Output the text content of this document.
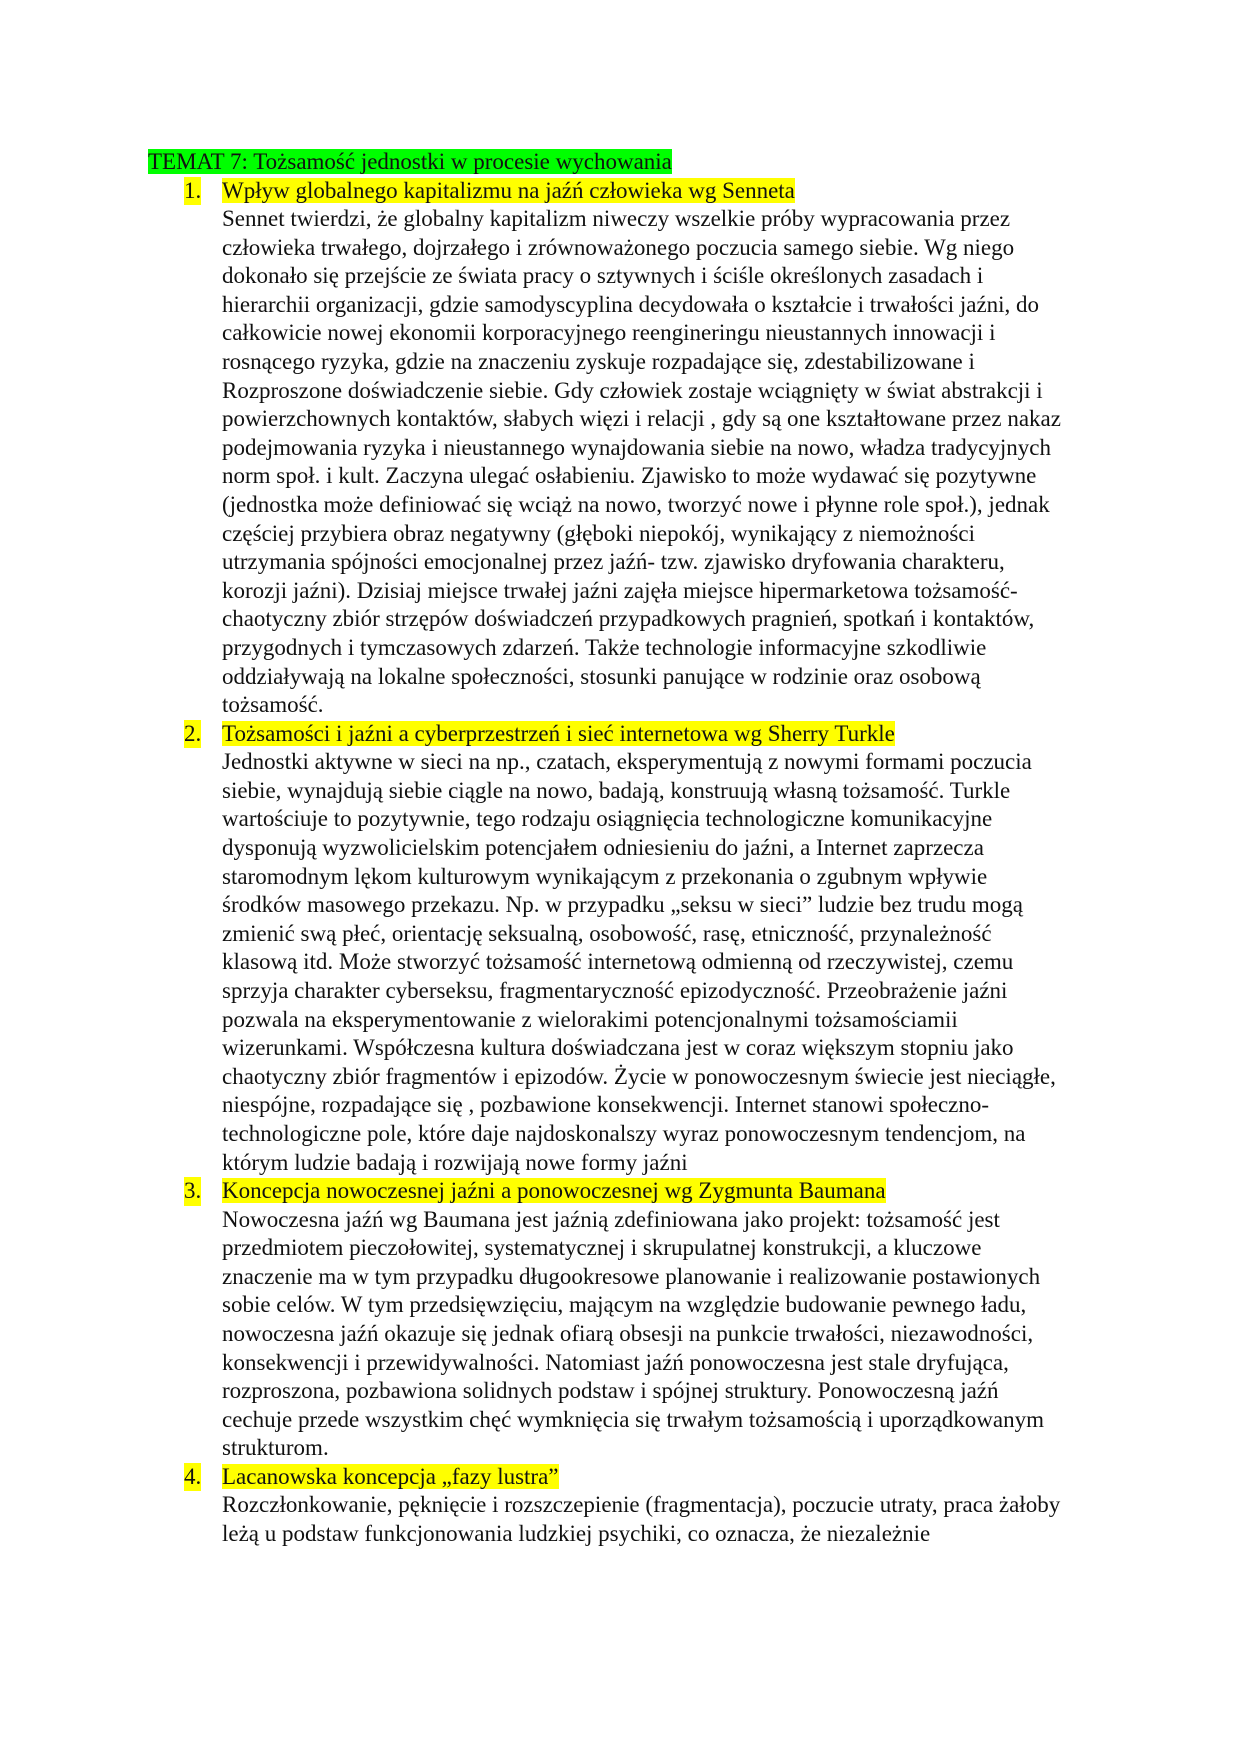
TEMAT 7: Tożsamość jednostki w procesie wychowania

1. Wpływ globalnego kapitalizmu na jaźń człowieka wg Senneta

Sennet twierdzi, że globalny kapitalizm niweczy wszelkie próby wypracowania przez człowieka trwałego, dojrzałego i zrównoważonego poczucia samego siebie. Wg niego dokonało się przejście ze świata pracy o sztywnych i ściśle określonych zasadach i hierarchii organizacji, gdzie samodyscyplina decydowała o kształcie i trwałości jaźni, do całkowicie nowej ekonomii korporacyjnego reengineringu nieustannych innowacji i rosnącego ryzyka, gdzie na znaczeniu zyskuje rozpadające się, zdestabilizowane i Rozproszone doświadczenie siebie. Gdy człowiek zostaje wciągnięty w świat abstrakcji i powierzchownych kontaktów, słabych więzi i relacji , gdy są one kształtowane przez nakaz podejmowania ryzyka i nieustannego wynajdowania siebie na nowo, władza tradycyjnych norm społ. i kult. Zaczyna ulegać osłabieniu. Zjawisko to może wydawać się pozytywne (jednostka może definiować się wciąż na nowo, tworzyć nowe i płynne role społ.), jednak częściej przybiera obraz negatywny (głęboki niepokój, wynikający z niemożności utrzymania spójności emocjonalnej przez jaźń- tzw. zjawisko dryfowania charakteru, korozji jaźni). Dzisiaj miejsce trwałej jaźni zajęła miejsce hipermarketowa tożsamość- chaotyczny zbiór strzępów doświadczeń przypadkowych pragnień, spotkań i kontaktów, przygodnych i tymczasowych zdarzeń. Także technologie informacyjne szkodliwie oddziaływają na lokalne społeczności, stosunki panujące w rodzinie oraz osobową tożsamość.

2. Tożsamości i jaźni a cyberprzestrzeń i sieć internetowa wg Sherry Turkle

Jednostki aktywne w sieci na np., czatach, eksperymentują z nowymi formami poczucia siebie, wynajdują siebie ciągle na nowo, badają, konstruują własną tożsamość. Turkle wartościuje to pozytywnie, tego rodzaju osiągnięcia technologiczne komunikacyjne dysponują wyzwolicielskim potencjałem odniesieniu do jaźni, a Internet zaprzecza staromodnym lękom kulturowym wynikającym z przekonania o zgubnym wpływie środków masowego przekazu. Np. w przypadku „seksu w sieci” ludzie bez trudu mogą zmienić swą płeć, orientację seksualną, osobowość, rasę, etniczność, przynależność klasową itd. Może stworzyć tożsamość internetową odmienną od rzeczywistej, czemu sprzyja charakter cyberseksu, fragmentaryczność epizodyczność. Przeobrażenie jaźni pozwala na eksperymentowanie z wielorakimi potencjonalnymi tożsamościamii wizerunkami. Współczesna kultura doświadczana jest w coraz większym stopniu jako chaotyczny zbiór fragmentów i epizodów. Życie w ponowoczesnym świecie jest nieciągłe, niespójne, rozpadające się , pozbawione konsekwencji. Internet stanowi społeczno-technologiczne pole, które daje najdoskonalszy wyraz ponowoczesnym tendencjom, na którym ludzie badają i rozwijają nowe formy jaźni

3. Koncepcja nowoczesnej jaźni a ponowoczesnej wg Zygmunta Baumana

Nowoczesna jaźń wg Baumana jest jaźnią zdefiniowana jako projekt: tożsamość jest przedmiotem pieczołowitej, systematycznej i skrupulatnej konstrukcji, a kluczowe znaczenie ma w tym przypadku długookresowe planowanie i realizowanie postawionych sobie celów. W tym przedsięwzięciu, mającym na względzie budowanie pewnego ładu, nowoczesna jaźń okazuje się jednak ofiarą obsesji na punkcie trwałości, niezawodności, konsekwencji i przewidywalności. Natomiast jaźń ponowoczesna jest stale dryfująca, rozproszona, pozbawiona solidnych podstaw i spójnej struktury. Ponowoczesną jaźń cechuje przede wszystkim chęć wymknięcia się trwałym tożsamością i uporządkowanym strukturom.

4. Lacanowska koncepcja „fazy lustra”

Rozczłonkowanie, pęknięcie i rozszczepienie (fragmentacja), poczucie utraty, praca żałoby leżą u podstaw funkcjonowania ludzkiej psychiki, co oznacza, że niezależnie
